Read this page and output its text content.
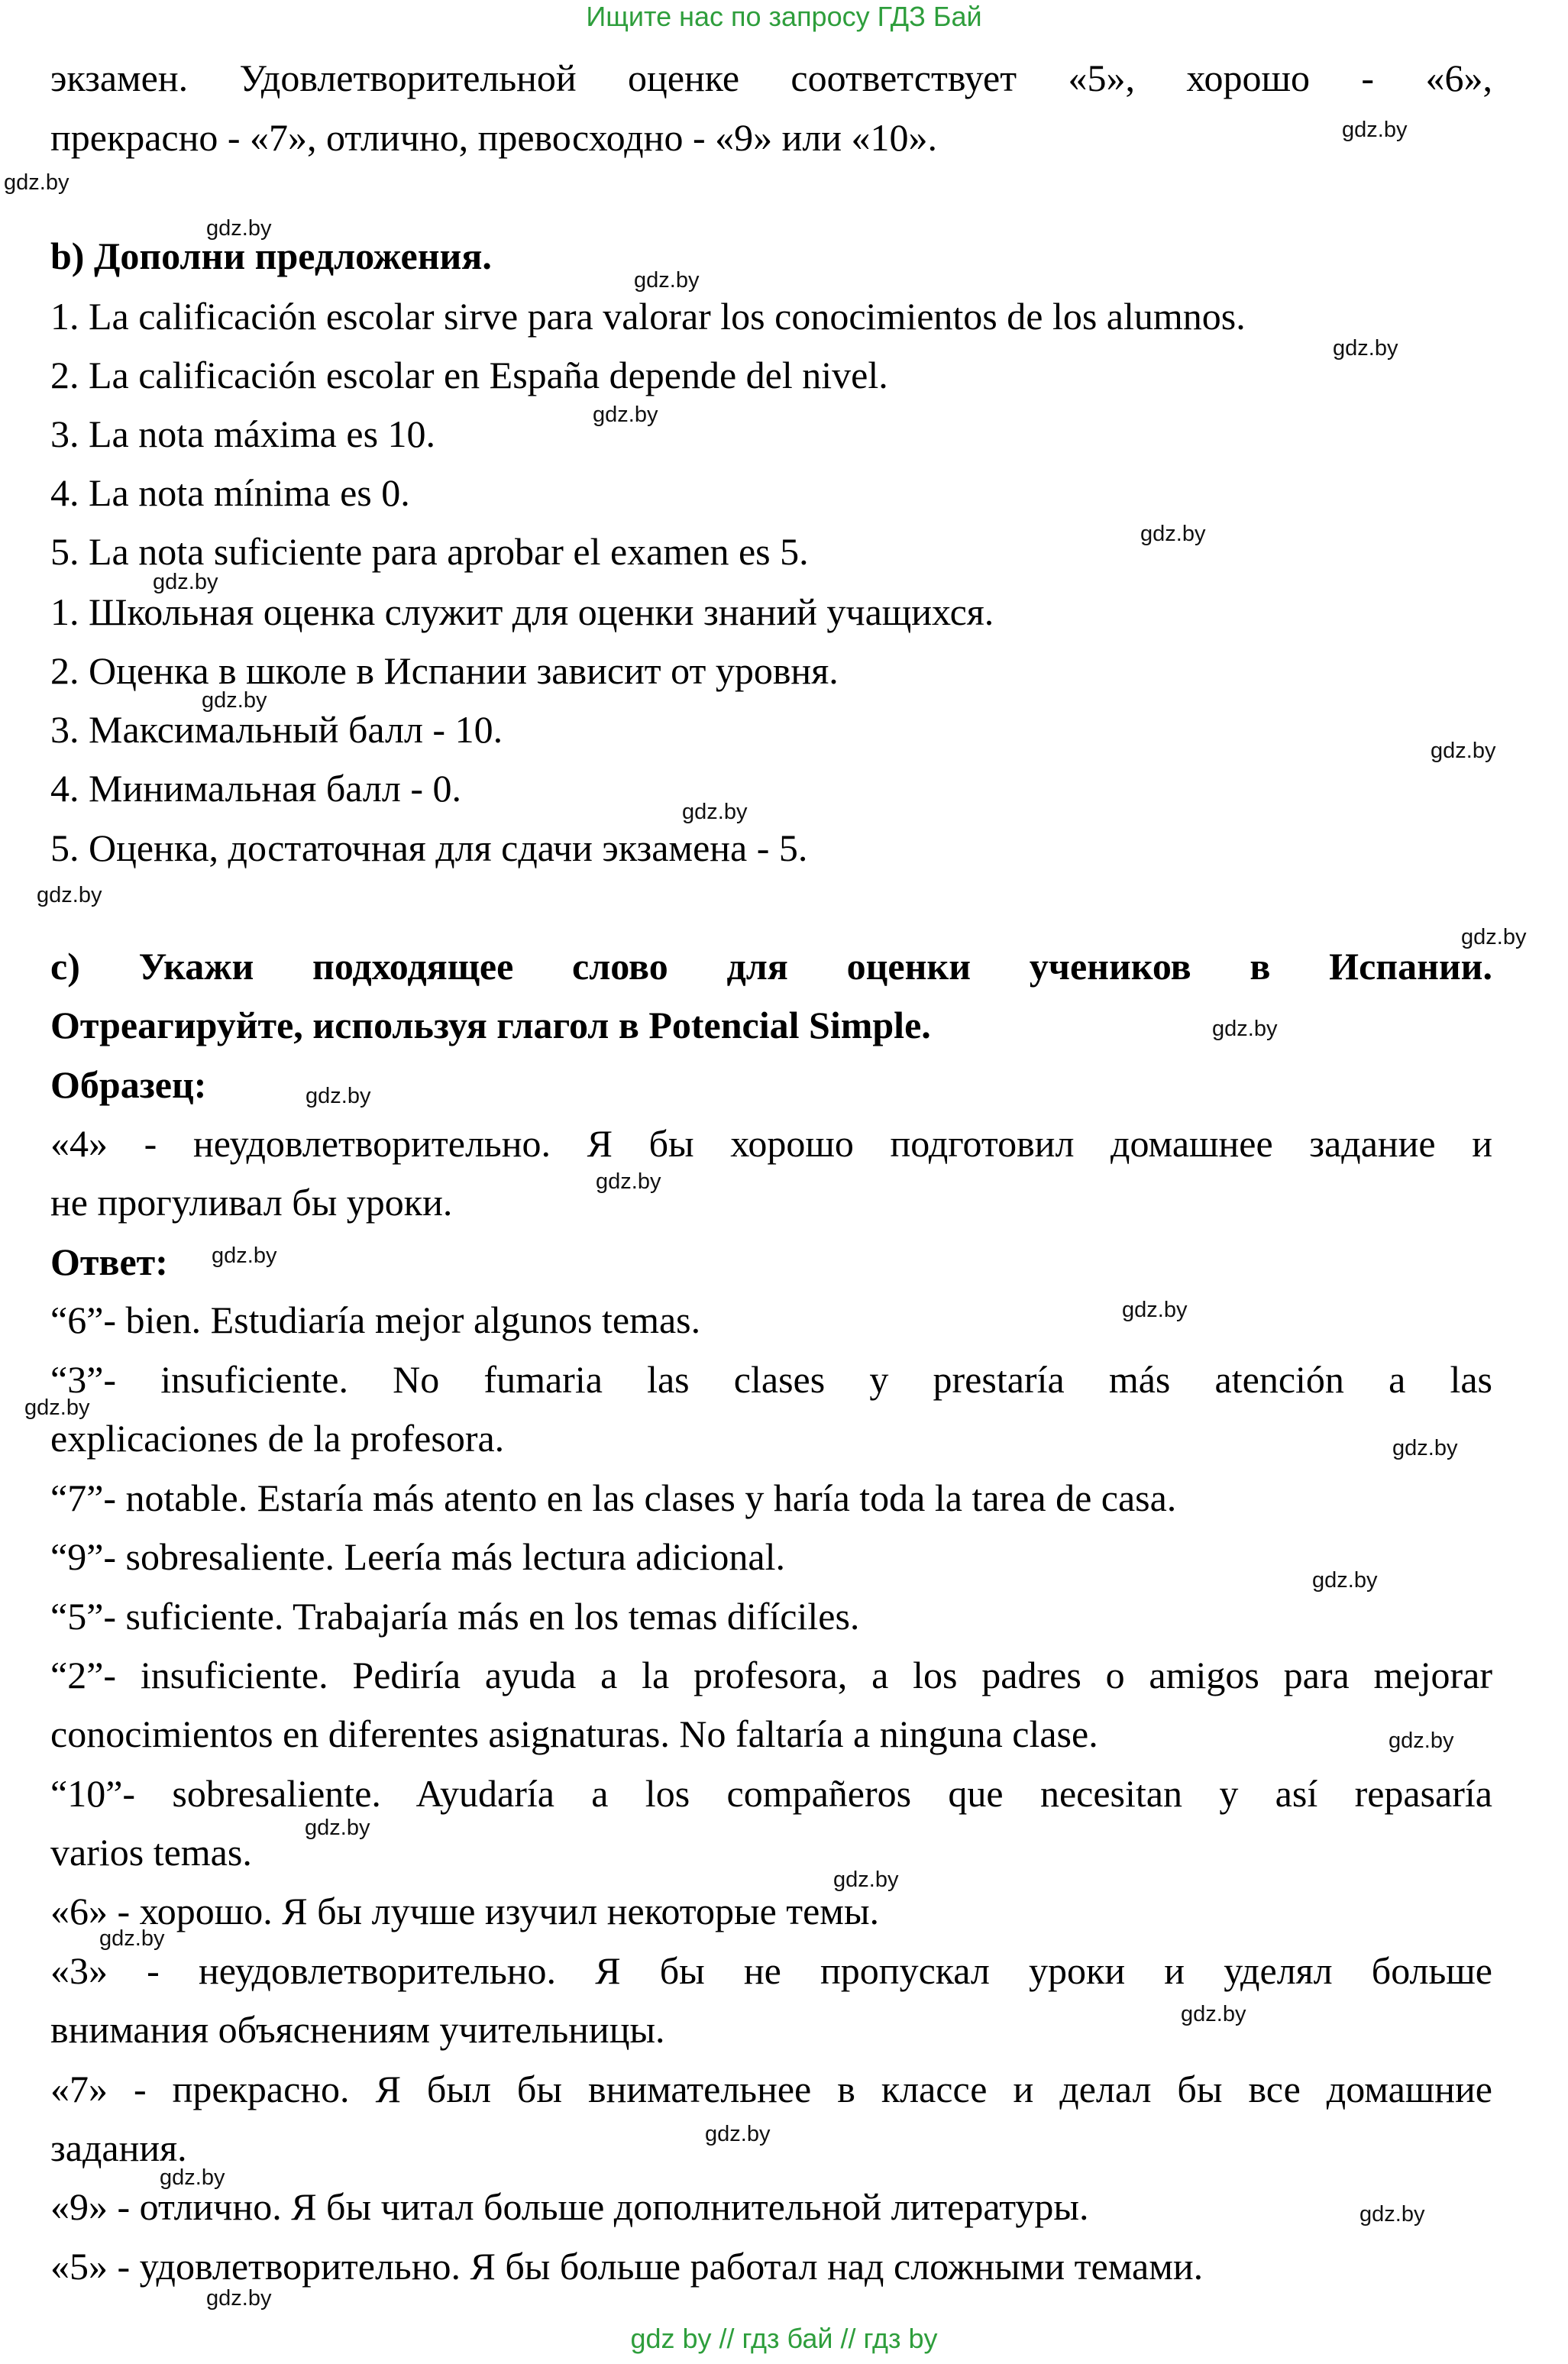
Ищите нас по запросу ГДЗ Бай
экзамен. Удовлетворительной оценке соответствует «5», хорошо - «6»,
прекрасно - «7», отлично, превосходно - «9» или «10».
b) Дополни предложения.
1. La calificación escolar sirve para valorar los conocimientos de los alumnos.
2. La calificación escolar en España depende del nivel.
3. La nota máxima es 10.
4. La nota mínima es 0.
5. La nota suficiente para aprobar el examen es 5.
1. Школьная оценка служит для оценки знаний учащихся.
2. Оценка в школе в Испании зависит от уровня.
3. Максимальный балл - 10.
4. Минимальная балл - 0.
5. Оценка, достаточная для сдачи экзамена - 5.
c) Укажи подходящее слово для оценки учеников в Испании.
Отреагируйте, используя глагол в Potencial Simple.
Образец:
«4» - неудовлетворительно. Я бы хорошо подготовил домашнее задание и
не прогуливал бы уроки.
Ответ:
“6”- bien. Estudiaría mejor algunos temas.
“3”- insuficiente. No fumaria las clases y prestaría más atención a las
explicaciones de la profesora.
“7”- notable. Estaría más atento en las clases y haría toda la tarea de casa.
“9”- sobresaliente. Leería más lectura adicional.
“5”- suficiente. Trabajaría más en los temas difíciles.
“2”- insuficiente. Pediría ayuda a la profesora, a los padres o amigos para mejorar
conocimientos en diferentes asignaturas. No faltaría a ninguna clase.
“10”- sobresaliente. Ayudaría a los compañeros que necesitan y así repasaría
varios temas.
«6» - хорошо. Я бы лучше изучил некоторые темы.
«3» - неудовлетворительно. Я бы не пропускал уроки и уделял больше
внимания объяснениям учительницы.
«7» - прекрасно. Я был бы внимательнее в классе и делал бы все домашние
задания.
«9» - отлично. Я бы читал больше дополнительной литературы.
«5» - удовлетворительно. Я бы больше работал над сложными темами.
gdz.by
gdz.by
gdz.by
gdz.by
gdz.by
gdz.by
gdz.by
gdz.by
gdz.by
gdz.by
gdz.by
gdz.by
gdz.by
gdz.by
gdz.by
gdz.by
gdz.by
gdz.by
gdz.by
gdz.by
gdz.by
gdz.by
gdz.by
gdz.by
gdz.by
gdz.by
gdz.by
gdz.by
gdz.by
gdz.by
gdz by // гдз бай // гдз by
